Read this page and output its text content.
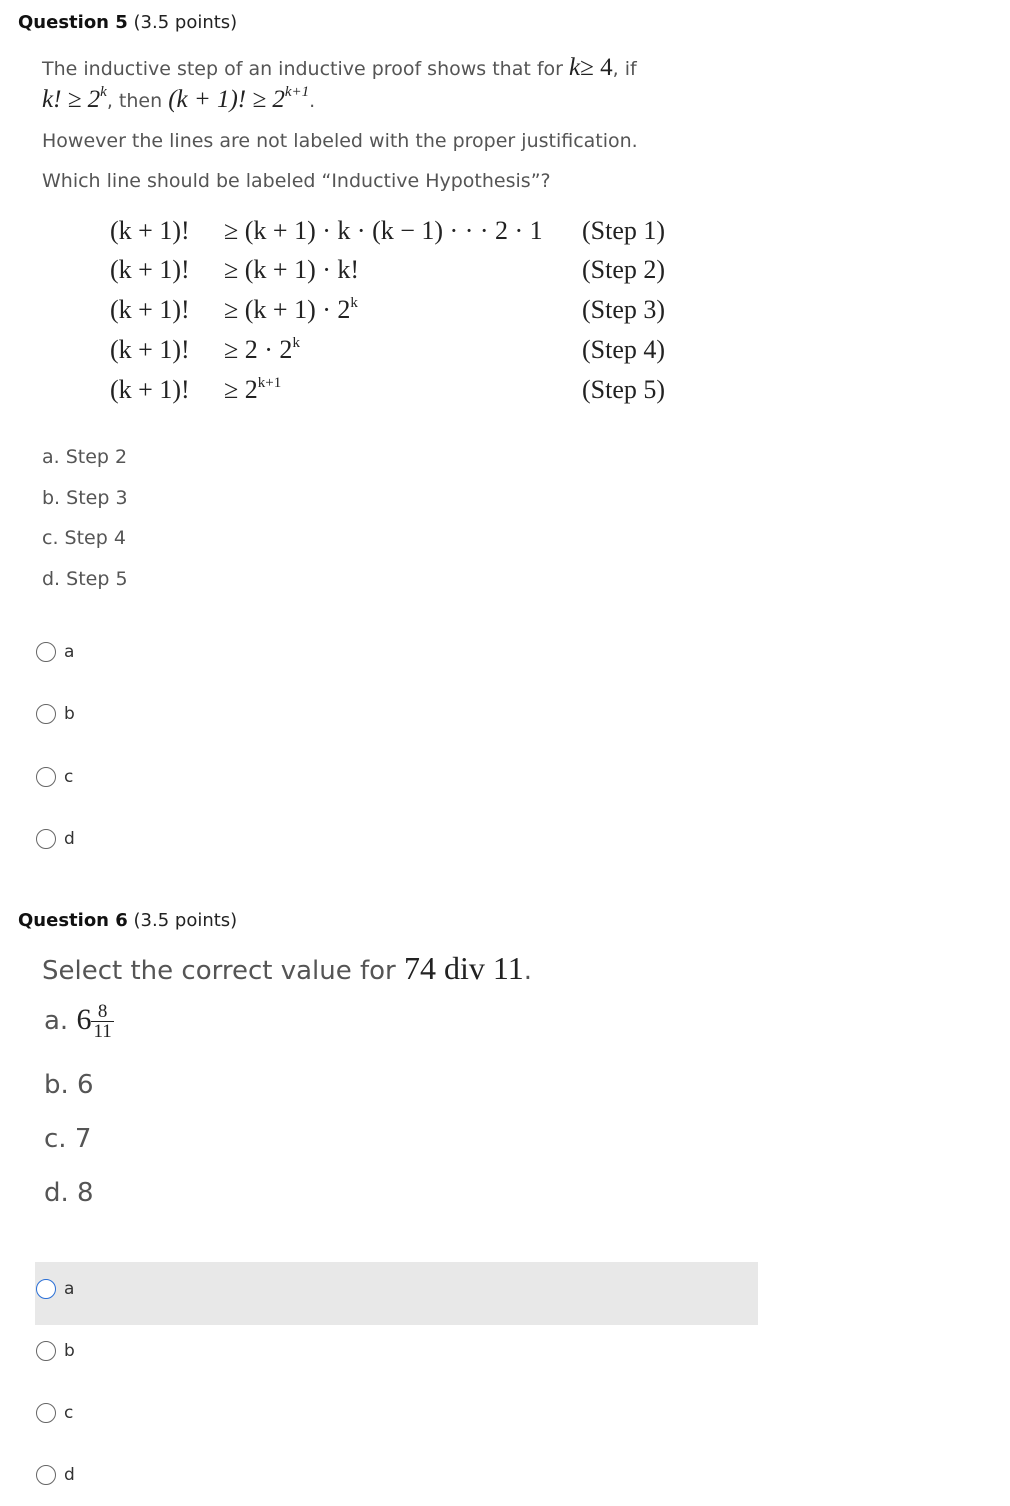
Question 5 (3.5 points)
The inductive step of an inductive proof shows that for k≥ 4, if
k! ≥ $2^k$, then (k + 1)! ≥ $2^{k+1}$.
However the lines are not labeled with the proper justification.
Which line should be labeled “Inductive Hypothesis”?
(k + 1)! ≥ (k + 1) · k · (k − 1) · · · 2 · 1 (Step 1)
(k + 1)! ≥ (k + 1) · k!	(Step 2)
(k + 1)! ≥ $(k + 1) \cdot 2^k$	(Step 3)
(k + 1)! ≥ $2 \cdot 2^k$	(Step 4)
(k + 1)! ≥ $2^{k+1}$	(Step 5)
a. Step 2
b. Step 3
c. Step 4
d. Step 5
a
b
c
d
Question 6 (3.5 points)
Select the correct value for 74 div 11.
a. $6 \frac{8}{11}$
b. 6
c. 7
d. 8
a
b
c
d
